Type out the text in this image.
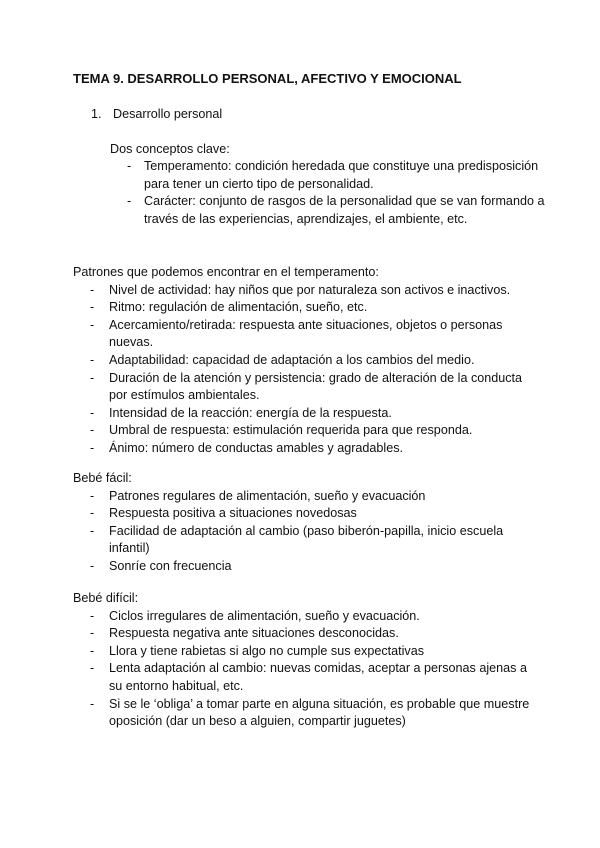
TEMA 9. DESARROLLO PERSONAL, AFECTIVO Y EMOCIONAL
1. Desarrollo personal
Dos conceptos clave:
- Temperamento: condición heredada que constituye una predisposición para tener un cierto tipo de personalidad.
- Carácter: conjunto de rasgos de la personalidad que se van formando a través de las experiencias, aprendizajes, el ambiente, etc.
Patrones que podemos encontrar en el temperamento:
- Nivel de actividad: hay niños que por naturaleza son activos e inactivos.
- Ritmo: regulación de alimentación, sueño, etc.
- Acercamiento/retirada: respuesta ante situaciones, objetos o personas nuevas.
- Adaptabilidad: capacidad de adaptación a los cambios del medio.
- Duración de la atención y persistencia: grado de alteración de la conducta por estímulos ambientales.
- Intensidad de la reacción: energía de la respuesta.
- Umbral de respuesta: estimulación requerida para que responda.
- Ánimo: número de conductas amables y agradables.
Bebé fácil:
- Patrones regulares de alimentación, sueño y evacuación
- Respuesta positiva a situaciones novedosas
- Facilidad de adaptación al cambio (paso biberón-papilla, inicio escuela infantil)
- Sonríe con frecuencia
Bebé difícil:
- Ciclos irregulares de alimentación, sueño y evacuación.
- Respuesta negativa ante situaciones desconocidas.
- Llora y tiene rabietas si algo no cumple sus expectativas
- Lenta adaptación al cambio: nuevas comidas, aceptar a personas ajenas a su entorno habitual, etc.
- Si se le ‘obliga’ a tomar parte en alguna situación, es probable que muestre oposición (dar un beso a alguien, compartir juguetes)
